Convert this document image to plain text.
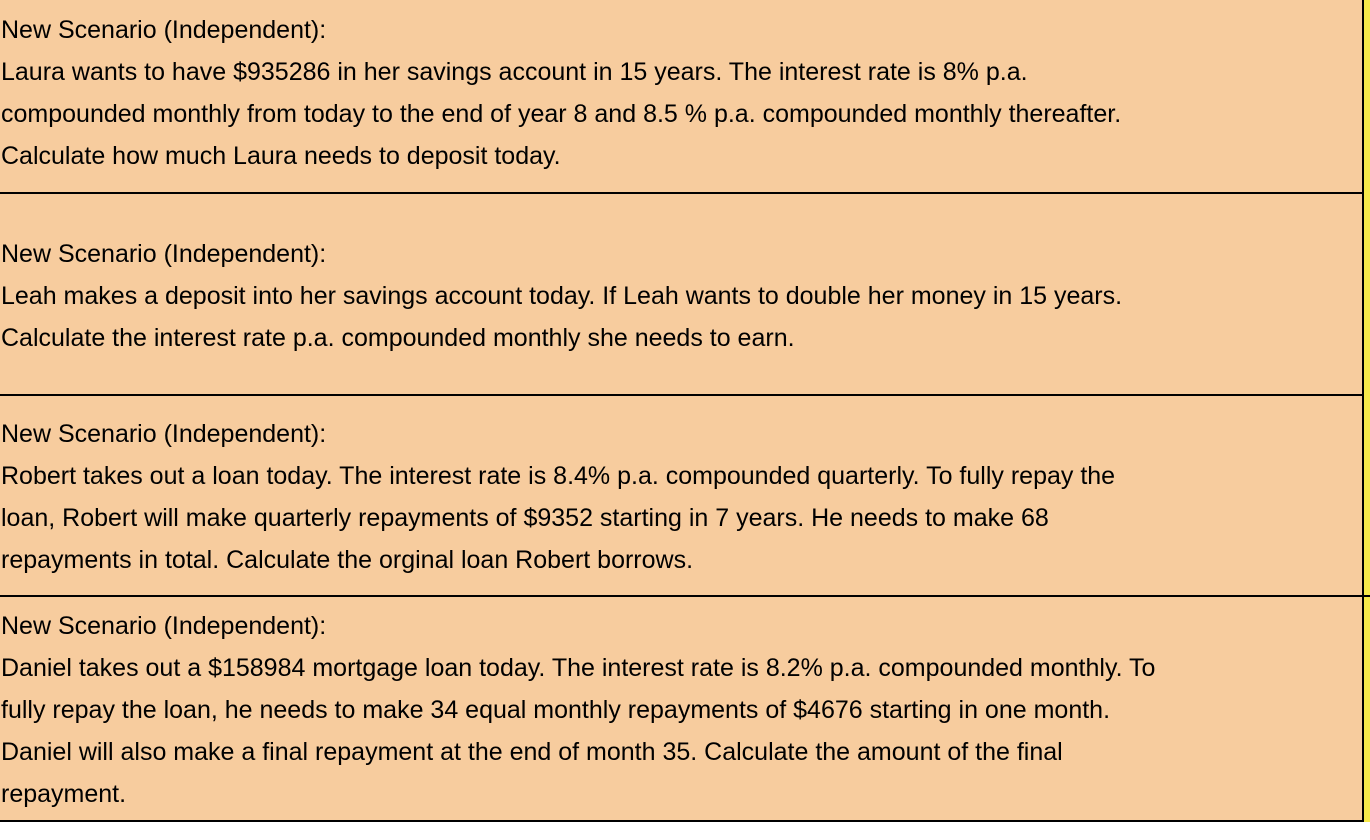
New Scenario (Independent):
Laura wants to have $935286 in her savings account in 15 years. The interest rate is 8% p.a.
compounded monthly from today to the end of year 8 and 8.5 % p.a. compounded monthly thereafter.
Calculate how much Laura needs to deposit today.
New Scenario (Independent):
Leah makes a deposit into her savings account today. If Leah wants to double her money in 15 years.
Calculate the interest rate p.a. compounded monthly she needs to earn.
New Scenario (Independent):
Robert takes out a loan today. The interest rate is 8.4% p.a. compounded quarterly. To fully repay the
loan, Robert will make quarterly repayments of $9352 starting in 7 years. He needs to make 68
repayments in total. Calculate the orginal loan Robert borrows.
New Scenario (Independent):
Daniel takes out a $158984 mortgage loan today. The interest rate is 8.2% p.a. compounded monthly. To
fully repay the loan, he needs to make 34 equal monthly repayments of $4676 starting in one month.
Daniel will also make a final repayment at the end of month 35. Calculate the amount of the final
repayment.
